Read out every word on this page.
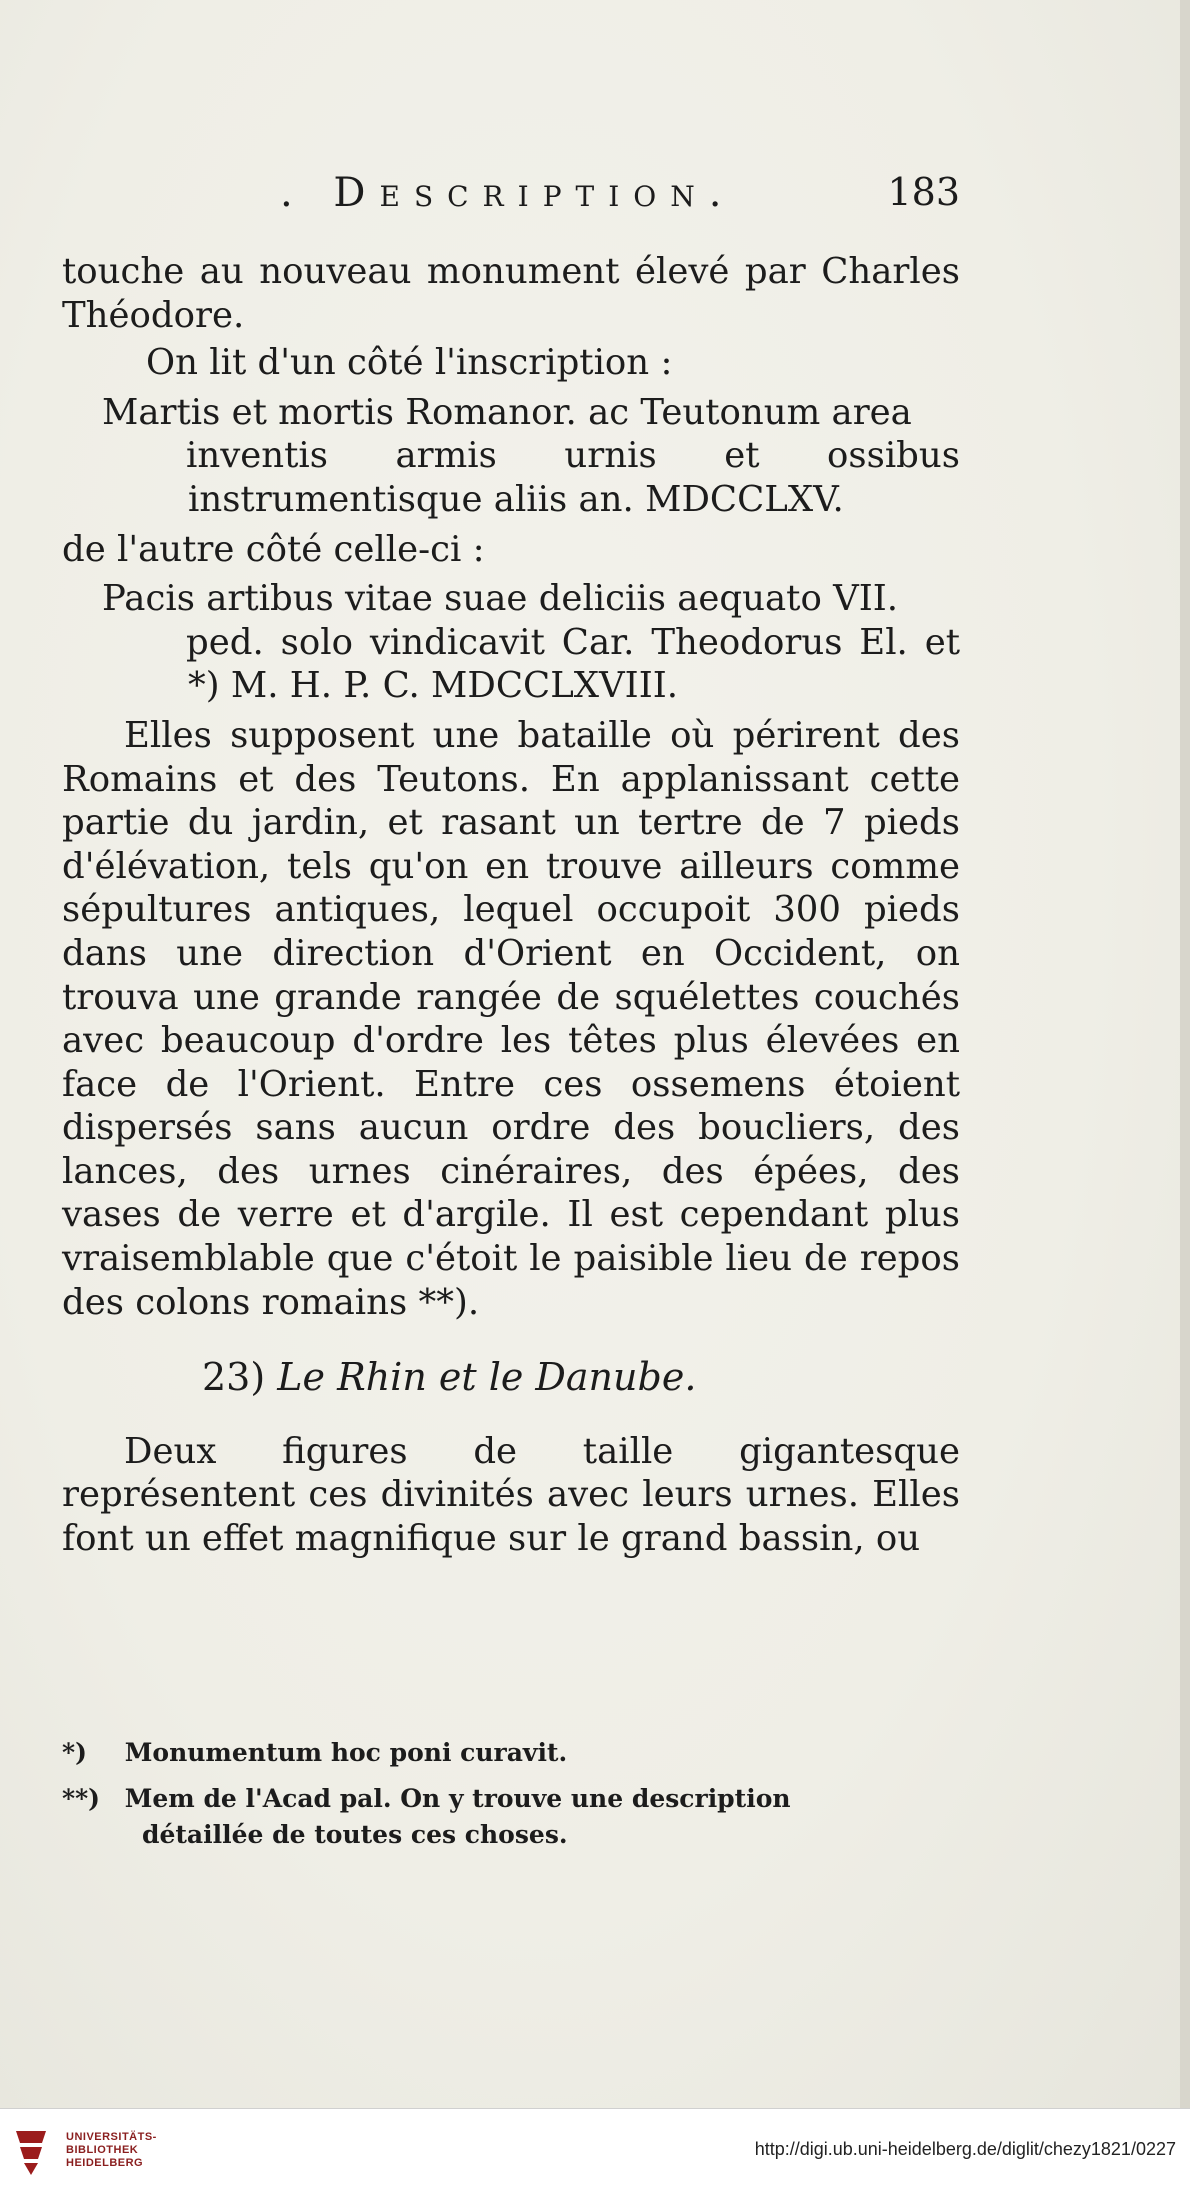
. Description.	183

touche au nouveau monument élevé par Charles Théodore.

On lit d'un côté l'inscription :

Martis et mortis Romanor. ac Teutonum area
inventis armis urnis et ossibus instrumentisque aliis an. MDCCLXV.

de l'autre côté celle-ci :

Pacis artibus vitae suae deliciis aequato VII.
ped. solo vindicavit Car. Theodorus El. et *) M. H. P. C. MDCCLXVIII.

Elles supposent une bataille où périrent des Romains et des Teutons. En applanissant cette partie du jardin, et rasant un tertre de 7 pieds d'élévation, tels qu'on en trouve ailleurs comme sépultures antiques, lequel occupoit 300 pieds dans une direction d'Orient en Occident, on trouva une grande rangée de squélettes couchés avec beaucoup d'ordre les têtes plus élevées en face de l'Orient. Entre ces ossemens étoient dispersés sans aucun ordre des boucliers, des lances, des urnes cinéraires, des épées, des vases de verre et d'argile. Il est cependant plus vraisemblable que c'étoit le paisible lieu de repos des colons romains **).

23) Le Rhin et le Danube.

Deux figures de taille gigantesque représentent ces divinités avec leurs urnes. Elles font un effet magnifique sur le grand bassin, ou

*) Monumentum hoc poni curavit.

**) Mem de l'Acad pal. On y trouve une description
détaillée de toutes ces choses.

UNIVERSITÄTS-
BIBLIOTHEK
HEIDELBERG
http://digi.ub.uni-heidelberg.de/diglit/chezy1821/0227
